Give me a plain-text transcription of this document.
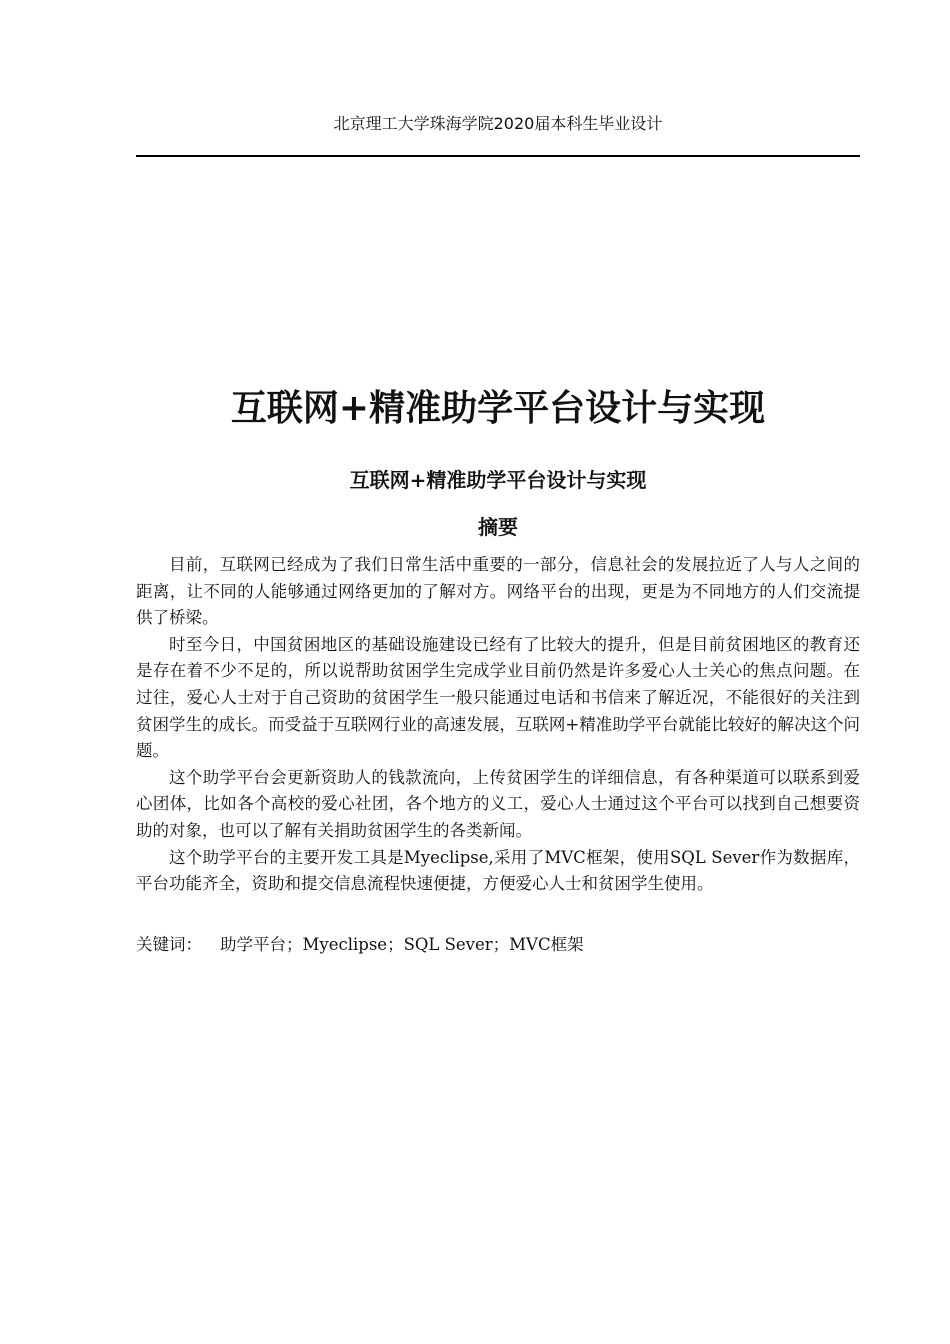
北京理工大学珠海学院2020届本科生毕业设计
互联网+精准助学平台设计与实现
互联网+精准助学平台设计与实现
摘要

目前，互联网已经成为了我们日常生活中重要的一部分，信息社会的发展拉近了人与人之间的距离，让不同的人能够通过网络更加的了解对方。网络平台的出现，更是为不同地方的人们交流提供了桥梁。

时至今日，中国贫困地区的基础设施建设已经有了比较大的提升，但是目前贫困地区的教育还是存在着不少不足的，所以说帮助贫困学生完成学业目前仍然是许多爱心人士关心的焦点问题。在过往，爱心人士对于自己资助的贫困学生一般只能通过电话和书信来了解近况，不能很好的关注到贫困学生的成长。而受益于互联网行业的高速发展，互联网+精准助学平台就能比较好的解决这个问题。

这个助学平台会更新资助人的钱款流向，上传贫困学生的详细信息，有各种渠道可以联系到爱心团体，比如各个高校的爱心社团，各个地方的义工，爱心人士通过这个平台可以找到自己想要资助的对象，也可以了解有关捐助贫困学生的各类新闻。

这个助学平台的主要开发工具是Myeclipse,采用了MVC框架，使用SQL Sever作为数据库，平台功能齐全，资助和提交信息流程快速便捷，方便爱心人士和贫困学生使用。

关键词： 助学平台；Myeclipse；SQL Sever；MVC框架
